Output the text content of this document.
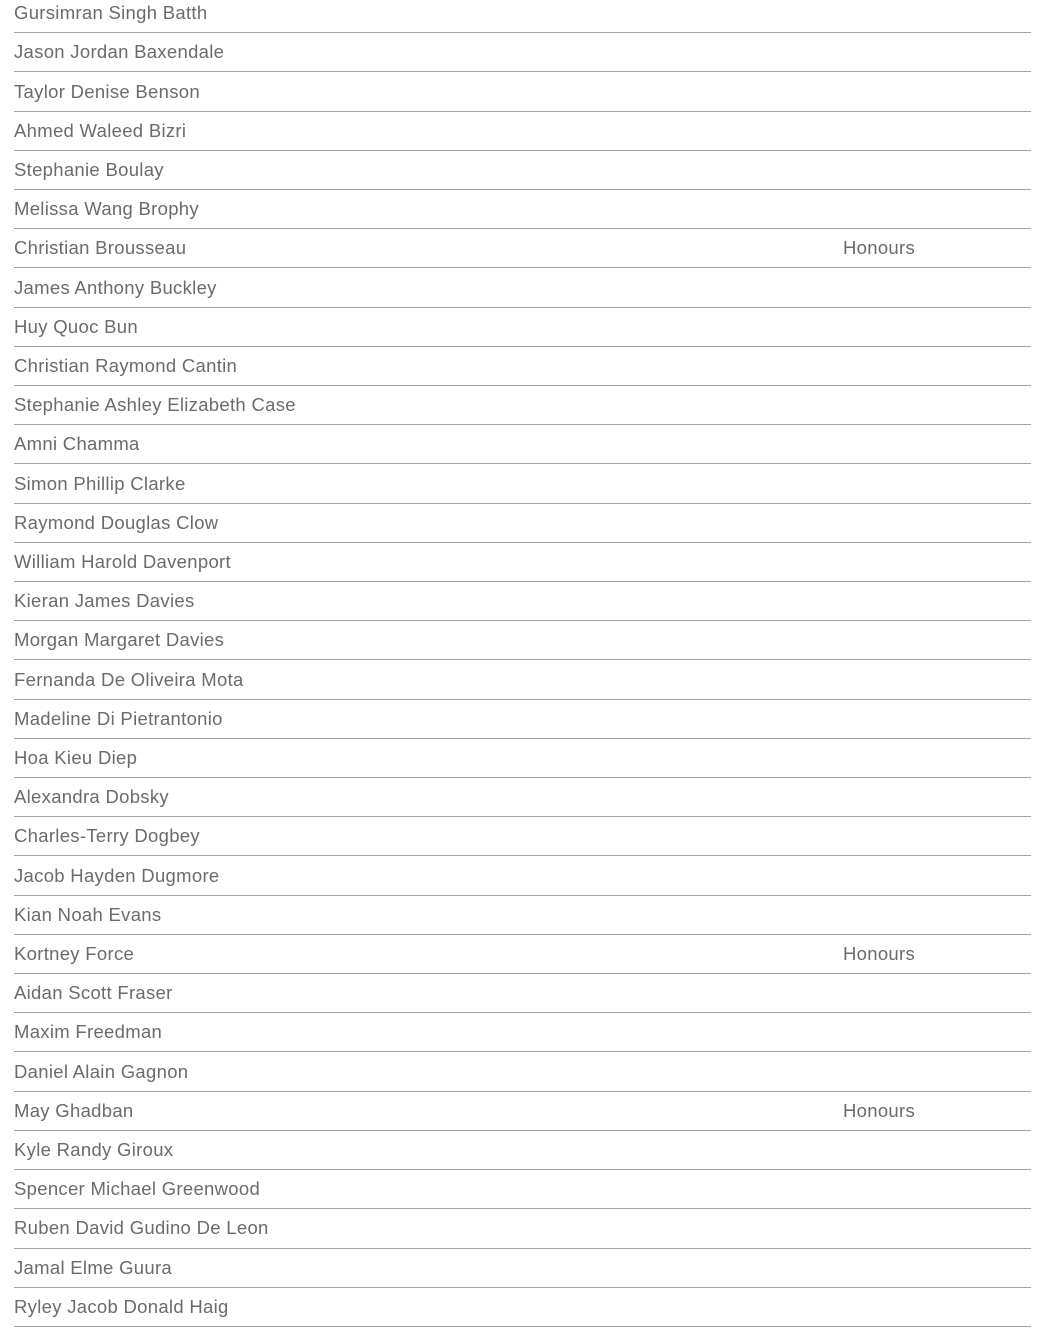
Gursimran Singh Batth
Jason Jordan Baxendale
Taylor Denise Benson
Ahmed Waleed Bizri
Stephanie Boulay
Melissa Wang Brophy
Christian Brousseau	Honours
James Anthony Buckley
Huy Quoc Bun
Christian Raymond Cantin
Stephanie Ashley Elizabeth Case
Amni Chamma
Simon Phillip Clarke
Raymond Douglas Clow
William Harold Davenport
Kieran James Davies
Morgan Margaret Davies
Fernanda De Oliveira Mota
Madeline Di Pietrantonio
Hoa Kieu Diep
Alexandra Dobsky
Charles-Terry Dogbey
Jacob Hayden Dugmore
Kian Noah Evans
Kortney Force	Honours
Aidan Scott Fraser
Maxim Freedman
Daniel Alain Gagnon
May Ghadban	Honours
Kyle Randy Giroux
Spencer Michael Greenwood
Ruben David Gudino De Leon
Jamal Elme Guura
Ryley Jacob Donald Haig
